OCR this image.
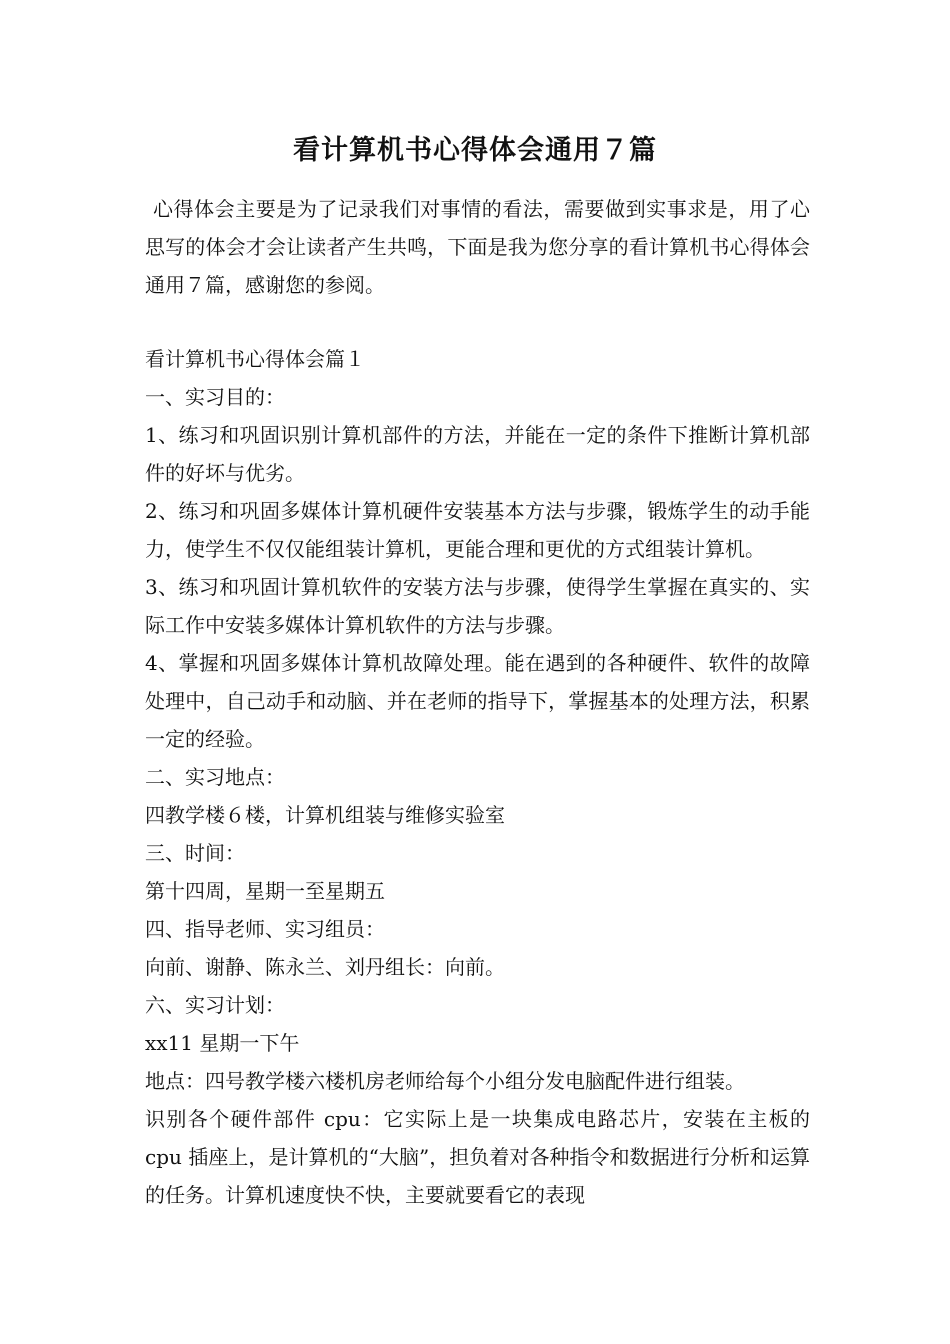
看计算机书心得体会通用７篇
心得体会主要是为了记录我们对事情的看法，需要做到实事求是，用了心思写的体会才会让读者产生共鸣，下面是我为您分享的看计算机书心得体会通用７篇，感谢您的参阅。
看计算机书心得体会篇１
一、实习目的：
1、练习和巩固识别计算机部件的方法，并能在一定的条件下推断计算机部件的好坏与优劣。
2、练习和巩固多媒体计算机硬件安装基本方法与步骤，锻炼学生的动手能力，使学生不仅仅能组装计算机，更能合理和更优的方式组装计算机。
3、练习和巩固计算机软件的安装方法与步骤，使得学生掌握在真实的、实际工作中安装多媒体计算机软件的方法与步骤。
4、掌握和巩固多媒体计算机故障处理。能在遇到的各种硬件、软件的故障处理中，自己动手和动脑、并在老师的指导下，掌握基本的处理方法，积累一定的经验。
二、实习地点：
四教学楼６楼，计算机组装与维修实验室
三、时间：
第十四周，星期一至星期五
四、指导老师、实习组员：
向前、谢静、陈永兰、刘丹组长：向前。
六、实习计划：
xx11 星期一下午
地点：四号教学楼六楼机房老师给每个小组分发电脑配件进行组装。
识别各个硬件部件 cpu：它实际上是一块集成电路芯片，安装在主板的 cpu 插座上，是计算机的“大脑”，担负着对各种指令和数据进行分析和运算的任务。计算机速度快不快，主要就要看它的表现
